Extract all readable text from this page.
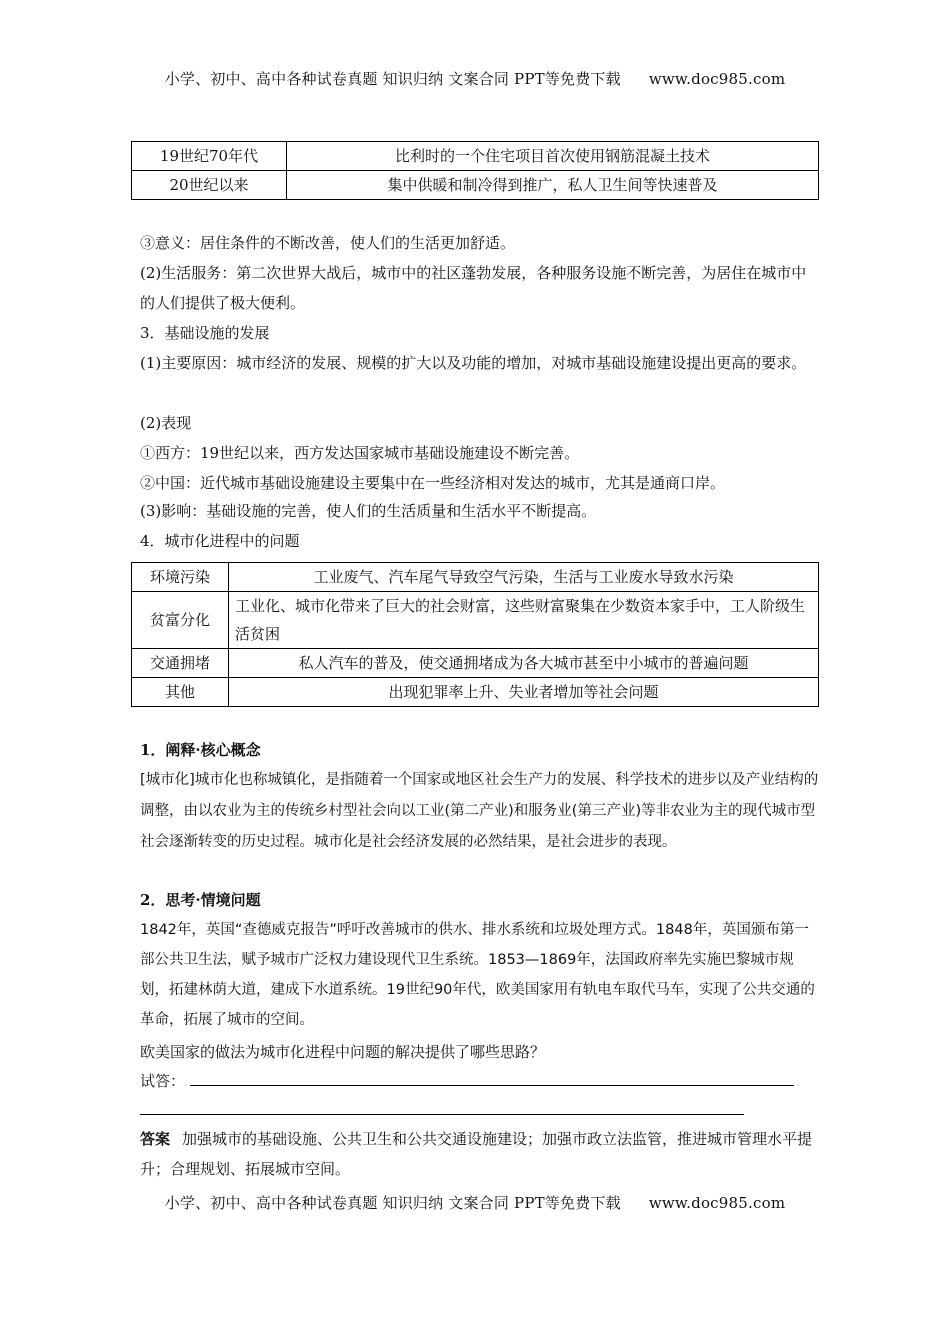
小学、初中、高中各种试卷真题 知识归纳 文案合同 PPT等免费下载 www.doc985.com
19世纪70年代	比利时的一个住宅项目首次使用钢筋混凝土技术
20世纪以来	集中供暖和制冷得到推广，私人卫生间等快速普及

③意义：居住条件的不断改善，使人们的生活更加舒适。

(2)生活服务：第二次世界大战后，城市中的社区蓬勃发展，各种服务设施不断完善，为居住在城市中的人们提供了极大便利。

3．基础设施的发展

(1)主要原因：城市经济的发展、规模的扩大以及功能的增加，对城市基础设施建设提出更高的要求。

(2)表现

①西方：19世纪以来，西方发达国家城市基础设施建设不断完善。

②中国：近代城市基础设施建设主要集中在一些经济相对发达的城市，尤其是通商口岸。

(3)影响：基础设施的完善，使人们的生活质量和生活水平不断提高。

4．城市化进程中的问题

环境污染	工业废气、汽车尾气导致空气污染，生活与工业废水导致水污染
贫富分化	工业化、城市化带来了巨大的社会财富，这些财富聚集在少数资本家手中，工人阶级生活贫困
交通拥堵	私人汽车的普及，使交通拥堵成为各大城市甚至中小城市的普遍问题
其他	出现犯罪率上升、失业者增加等社会问题

1．阐释·核心概念

[城市化]城市化也称城镇化，是指随着一个国家或地区社会生产力的发展、科学技术的进步以及产业结构的调整，由以农业为主的传统乡村型社会向以工业(第二产业)和服务业(第三产业)等非农业为主的现代城市型社会逐渐转变的历史过程。城市化是社会经济发展的必然结果，是社会进步的表现。

2．思考·情境问题

1842年，英国“查德威克报告”呼吁改善城市的供水、排水系统和垃圾处理方式。1848年，英国颁布第一部公共卫生法，赋予城市广泛权力建设现代卫生系统。1853—1869年，法国政府率先实施巴黎城市规划，拓建林荫大道，建成下水道系统。19世纪90年代，欧美国家用有轨电车取代马车，实现了公共交通的革命，拓展了城市的空间。

欧美国家的做法为城市化进程中问题的解决提供了哪些思路？

试答：

答案 加强城市的基础设施、公共卫生和公共交通设施建设；加强市政立法监管，推进城市管理水平提升；合理规划、拓展城市空间。

小学、初中、高中各种试卷真题 知识归纳 文案合同 PPT等免费下载 www.doc985.com
